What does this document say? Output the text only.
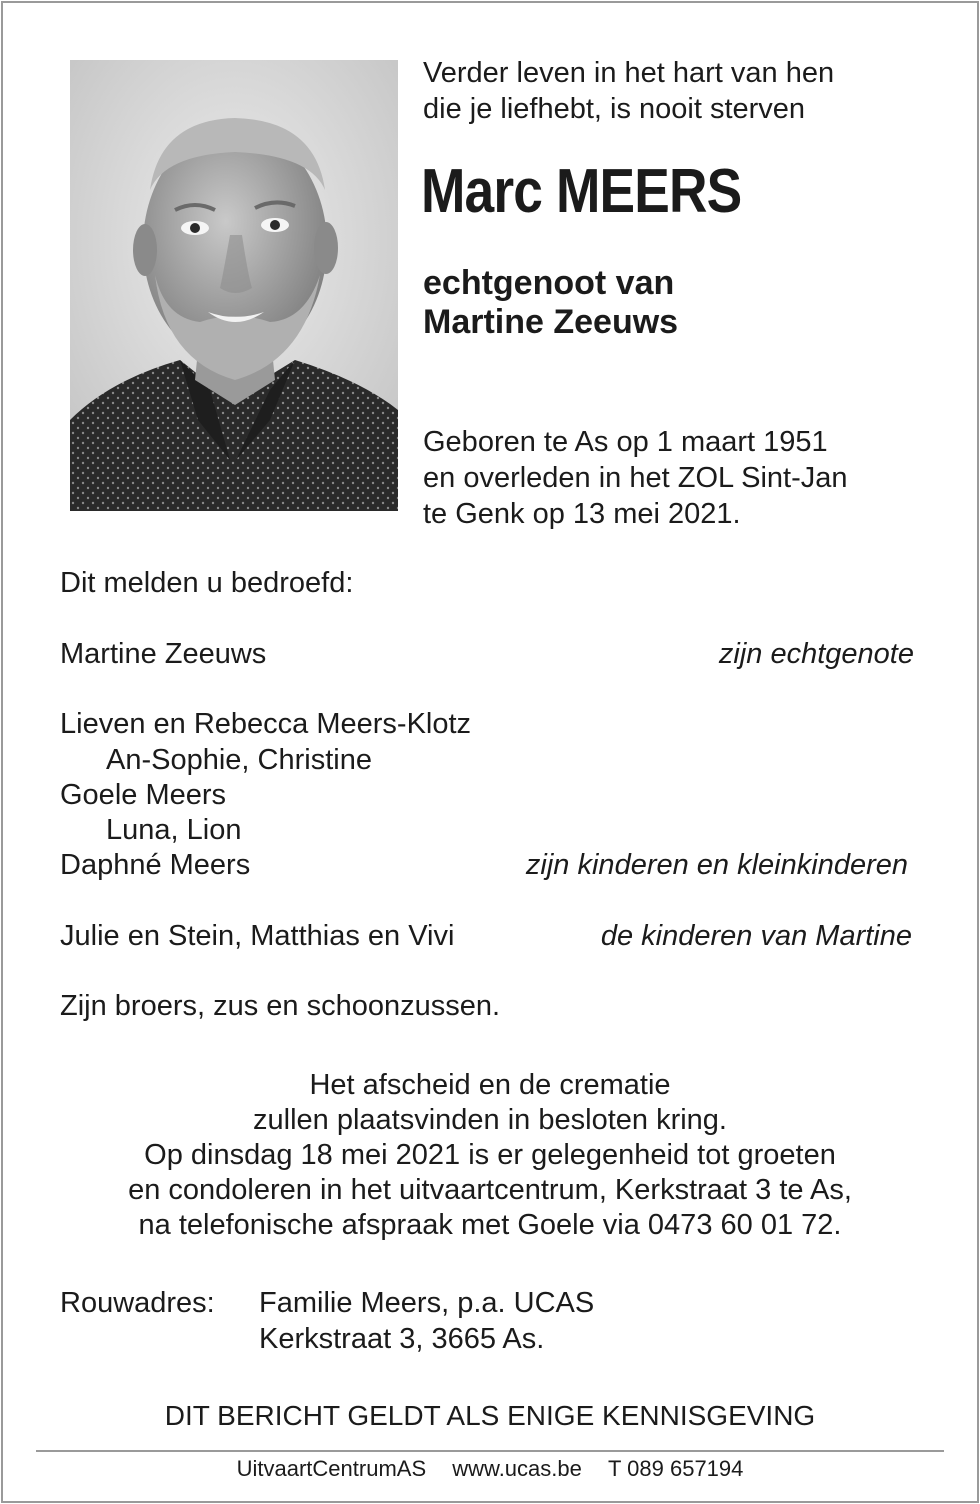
Verder leven in het hart van hen
die je liefhebt, is nooit sterven
Marc MEERS
echtgenoot van
Martine Zeeuws
Geboren te As op 1 maart 1951
en overleden in het ZOL Sint-Jan
te Genk op 13 mei 2021.
Dit melden u bedroefd:
Martine Zeeuws	zijn echtgenote
Lieven en Rebecca Meers-Klotz
An-Sophie, Christine
Goele Meers
Luna, Lion
Daphné Meers	zijn kinderen en kleinkinderen
Julie en Stein, Matthias en Vivi	de kinderen van Martine
Zijn broers, zus en schoonzussen.
Het afscheid en de crematie
zullen plaatsvinden in besloten kring.
Op dinsdag 18 mei 2021 is er gelegenheid tot groeten
en condoleren in het uitvaartcentrum, Kerkstraat 3 te As,
na telefonische afspraak met Goele via 0473 60 01 72.
Rouwadres: Familie Meers, p.a. UCAS
Kerkstraat 3, 3665 As.
DIT BERICHT GELDT ALS ENIGE KENNISGEVING
UitvaartCentrumAS www.ucas.be T 089 657194
